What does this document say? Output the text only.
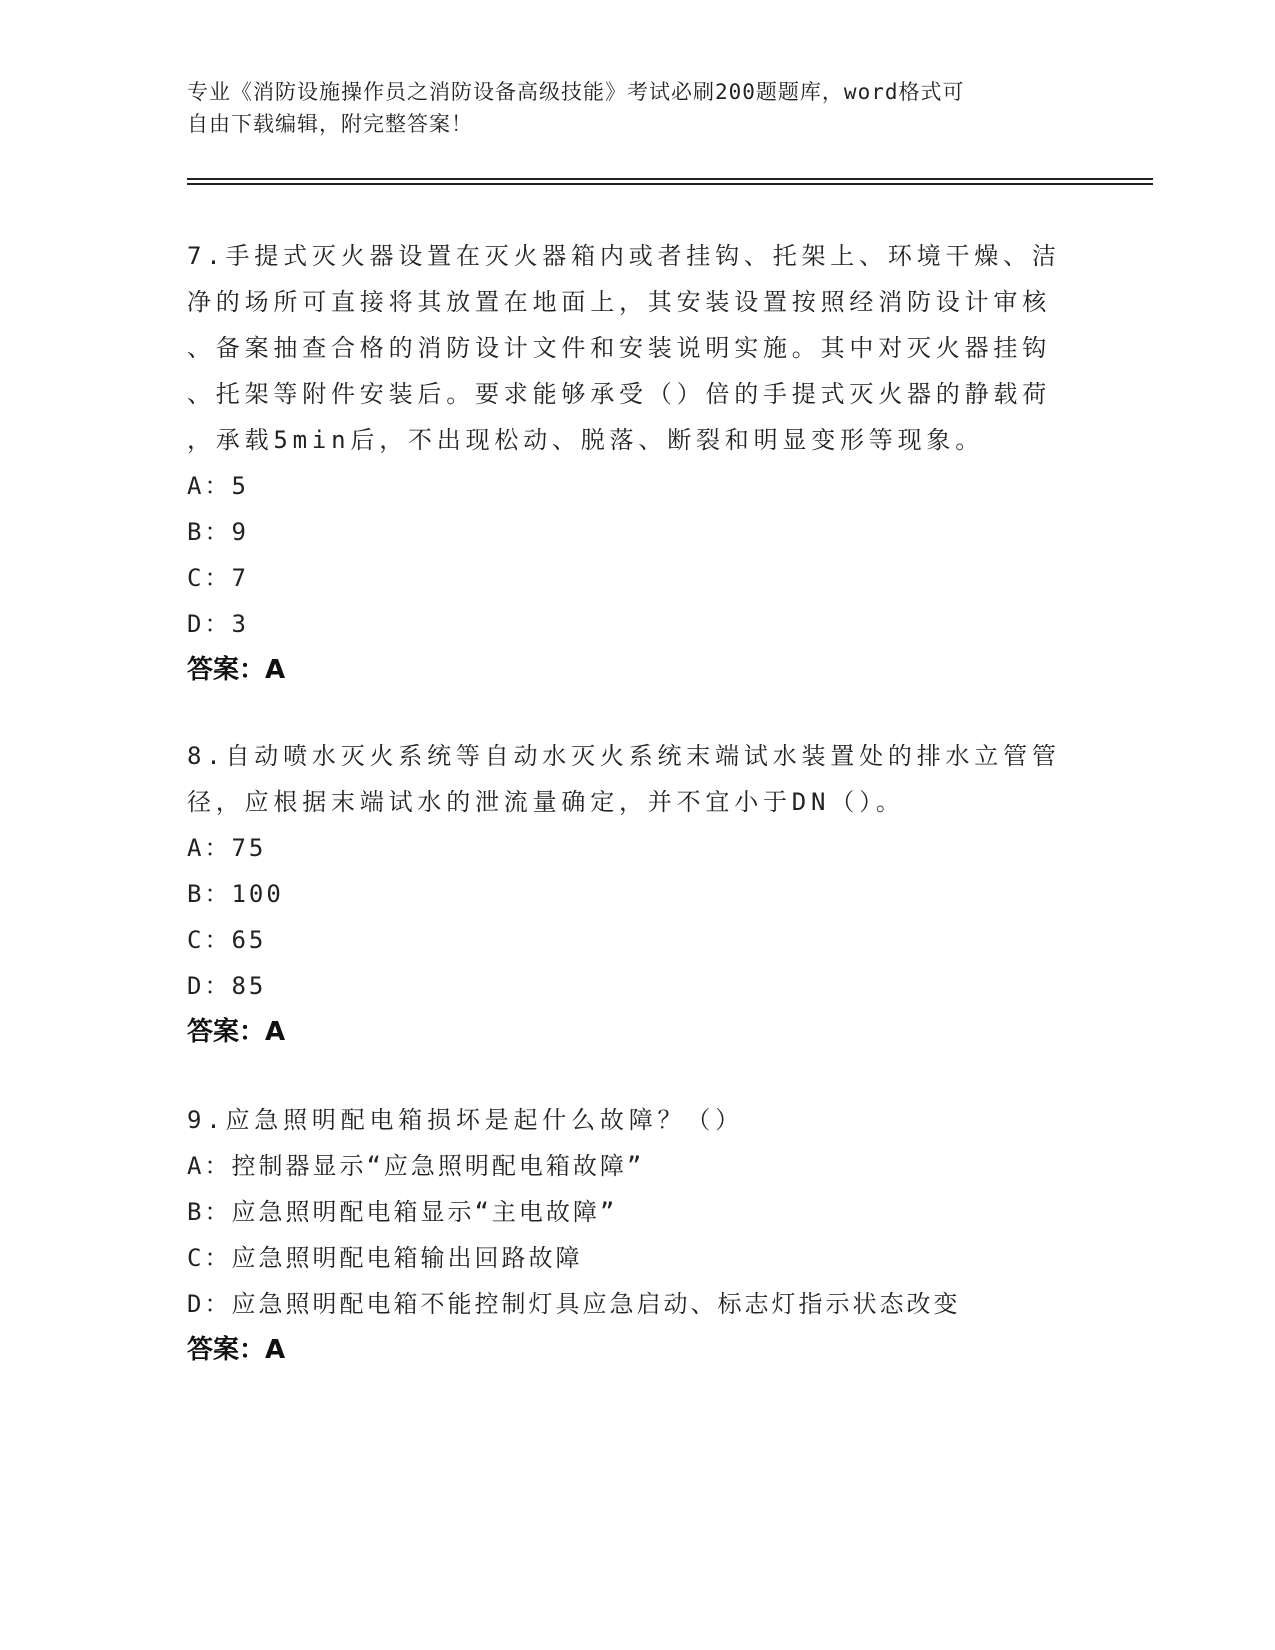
专业《消防设施操作员之消防设备高级技能》考试必刷200题题库，word格式可
自由下载编辑，附完整答案！

7.手提式灭火器设置在灭火器箱内或者挂钩、托架上、环境干燥、洁
净的场所可直接将其放置在地面上，其安装设置按照经消防设计审核
、备案抽查合格的消防设计文件和安装说明实施。其中对灭火器挂钩
、托架等附件安装后。要求能够承受（）倍的手提式灭火器的静载荷
，承载5min后，不出现松动、脱落、断裂和明显变形等现象。

A：5

B：9

C：7

D：3

答案：A

8.自动喷水灭火系统等自动水灭火系统末端试水装置处的排水立管管
径，应根据末端试水的泄流量确定，并不宜小于DN（）。

A：75

B：100

C：65

D：85

答案：A

9.应急照明配电箱损坏是起什么故障？（）

A：控制器显示“应急照明配电箱故障”

B：应急照明配电箱显示“主电故障”

C：应急照明配电箱输出回路故障

D：应急照明配电箱不能控制灯具应急启动、标志灯指示状态改变

答案：A
